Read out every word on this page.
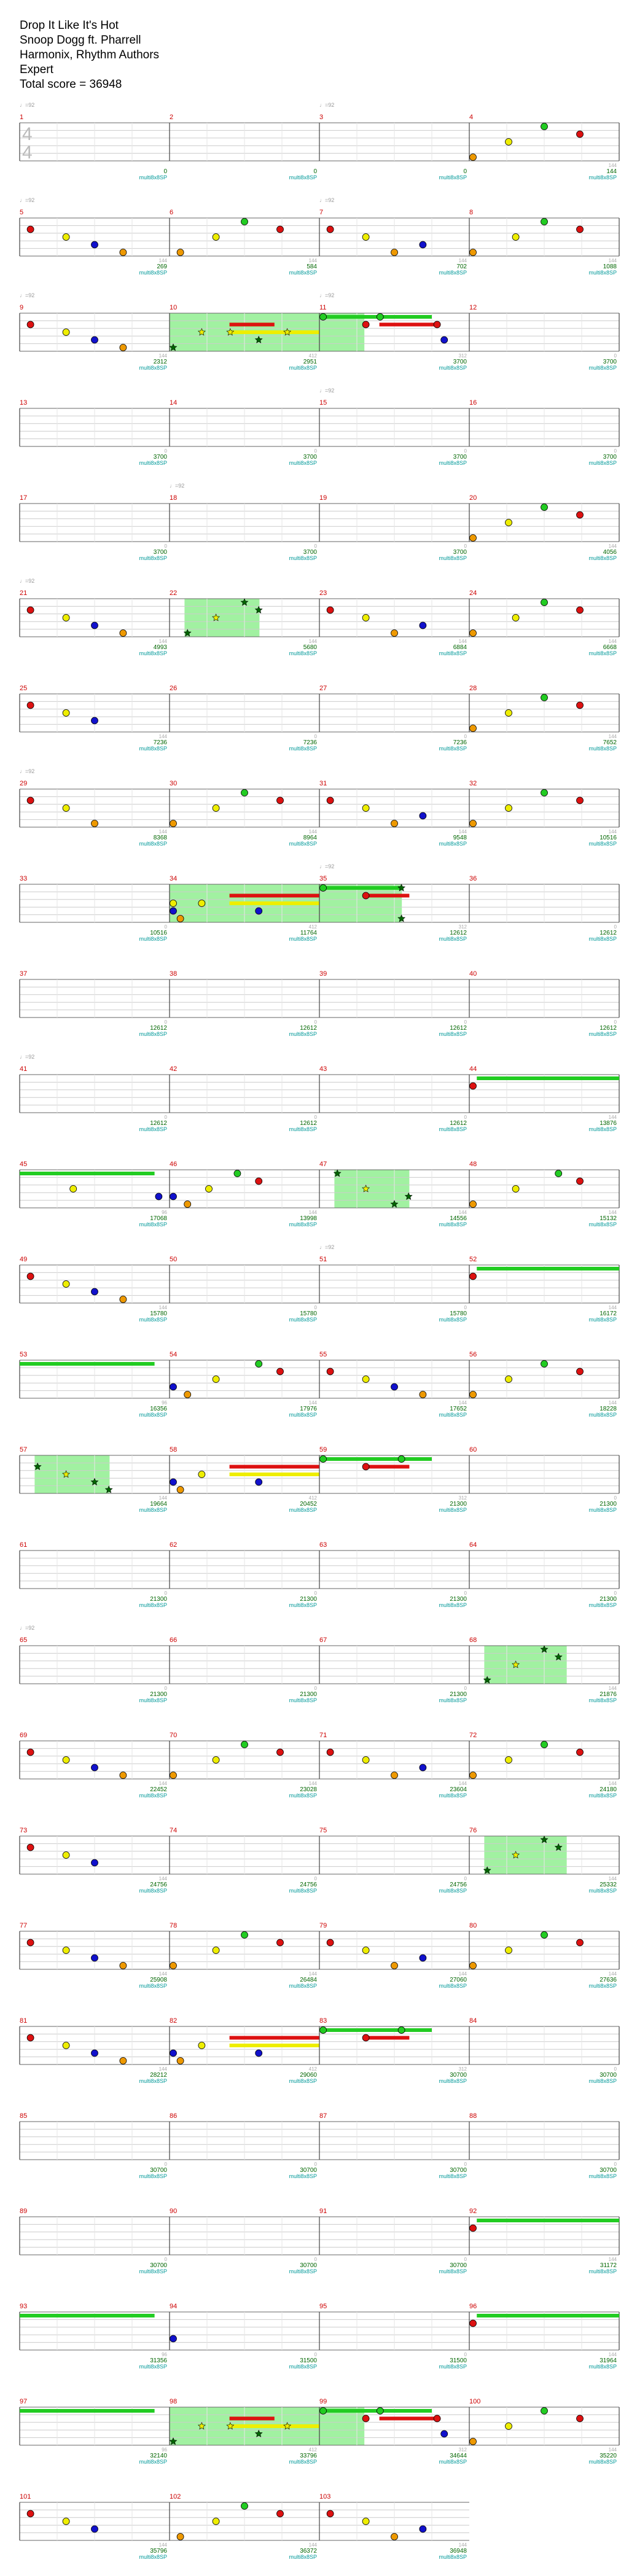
Drop It Like It's Hot
Snoop Dogg ft. Pharrell
Harmonix, Rhythm Authors
Expert
Total score = 36948
♩=92
1
4
4
0
multi8x8SP
2
0
multi8x8SP
♩=92
3
0
multi8x8SP
4
144
144
multi8x8SP
♩=92
5
144
269
multi8x8SP
6
144
584
multi8x8SP
♩=92
7
144
702
multi8x8SP
8
144
1088
multi8x8SP
♩=92
9
144
2312
multi8x8SP
10
412
2951
multi8x8SP
♩=92
11
312
3700
multi8x8SP
12
0
3700
multi8x8SP
13
0
3700
multi8x8SP
14
0
3700
multi8x8SP
♩=92
15
0
3700
multi8x8SP
16
0
3700
multi8x8SP
17
0
3700
multi8x8SP
♩=92
18
0
3700
multi8x8SP
19
0
3700
multi8x8SP
20
144
4056
multi8x8SP
♩=92
21
144
4993
multi8x8SP
22
144
5680
multi8x8SP
23
144
6884
multi8x8SP
24
144
6668
multi8x8SP
25
144
7236
multi8x8SP
26
0
7236
multi8x8SP
27
0
7236
multi8x8SP
28
144
7652
multi8x8SP
♩=92
29
144
8368
multi8x8SP
30
144
8964
multi8x8SP
31
144
9548
multi8x8SP
32
144
10516
multi8x8SP
33
0
10516
multi8x8SP
34
412
11764
multi8x8SP
♩=92
35
312
12612
multi8x8SP
36
0
12612
multi8x8SP
37
0
12612
multi8x8SP
38
0
12612
multi8x8SP
39
0
12612
multi8x8SP
40
0
12612
multi8x8SP
♩=92
41
0
12612
multi8x8SP
42
0
12612
multi8x8SP
43
0
12612
multi8x8SP
44
144
13876
multi8x8SP
45
96
17068
multi8x8SP
46
144
13998
multi8x8SP
47
144
14556
multi8x8SP
48
144
15132
multi8x8SP
49
144
15780
multi8x8SP
50
0
15780
multi8x8SP
♩=92
51
0
15780
multi8x8SP
52
144
16172
multi8x8SP
53
96
16356
multi8x8SP
54
144
17976
multi8x8SP
55
144
17652
multi8x8SP
56
144
18228
multi8x8SP
57
144
19664
multi8x8SP
58
412
20452
multi8x8SP
59
312
21300
multi8x8SP
60
0
21300
multi8x8SP
61
0
21300
multi8x8SP
62
0
21300
multi8x8SP
63
0
21300
multi8x8SP
64
0
21300
multi8x8SP
♩=92
65
0
21300
multi8x8SP
66
0
21300
multi8x8SP
67
0
21300
multi8x8SP
68
144
21876
multi8x8SP
69
144
22452
multi8x8SP
70
144
23028
multi8x8SP
71
144
23604
multi8x8SP
72
144
24180
multi8x8SP
73
144
24756
multi8x8SP
74
0
24756
multi8x8SP
75
0
24756
multi8x8SP
76
144
25332
multi8x8SP
77
144
25908
multi8x8SP
78
144
26484
multi8x8SP
79
144
27060
multi8x8SP
80
144
27636
multi8x8SP
81
144
28212
multi8x8SP
82
412
29060
multi8x8SP
83
312
30700
multi8x8SP
84
0
30700
multi8x8SP
85
0
30700
multi8x8SP
86
0
30700
multi8x8SP
87
0
30700
multi8x8SP
88
0
30700
multi8x8SP
89
0
30700
multi8x8SP
90
0
30700
multi8x8SP
91
0
30700
multi8x8SP
92
144
31172
multi8x8SP
93
96
31356
multi8x8SP
94
0
31500
multi8x8SP
95
0
31500
multi8x8SP
96
144
31964
multi8x8SP
97
96
32140
multi8x8SP
98
412
33796
multi8x8SP
99
312
34644
multi8x8SP
100
144
35220
multi8x8SP
101
144
35796
multi8x8SP
102
144
36372
multi8x8SP
103
144
36948
multi8x8SP
